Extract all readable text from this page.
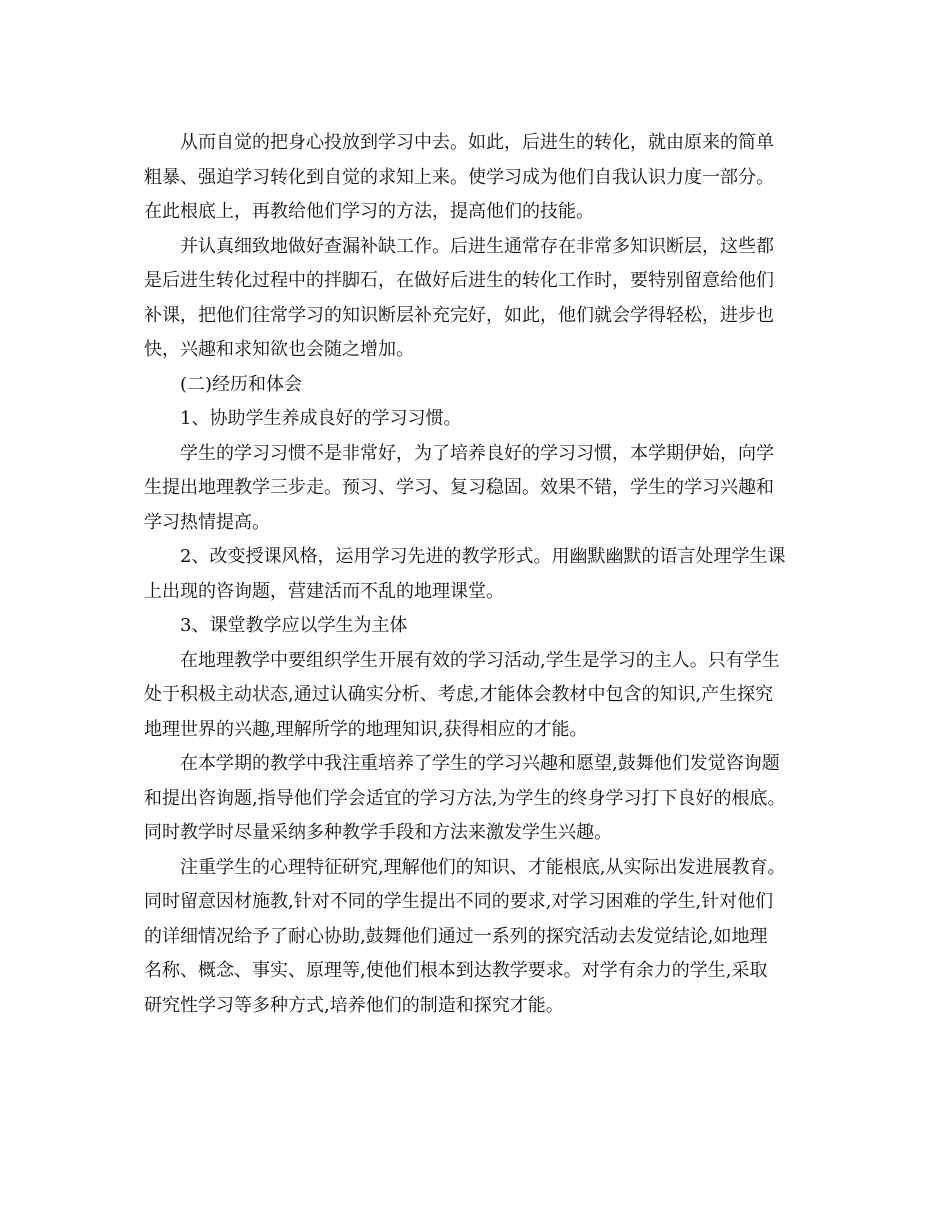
从而自觉的把身心投放到学习中去。如此，后进生的转化，就由原来的简单
粗暴、强迫学习转化到自觉的求知上来。使学习成为他们自我认识力度一部分。
在此根底上，再教给他们学习的方法，提高他们的技能。

并认真细致地做好查漏补缺工作。后进生通常存在非常多知识断层，这些都
是后进生转化过程中的拌脚石，在做好后进生的转化工作时，要特别留意给他们
补课，把他们往常学习的知识断层补充完好，如此，他们就会学得轻松，进步也
快，兴趣和求知欲也会随之增加。

(二)经历和体会

1、协助学生养成良好的学习习惯。

学生的学习习惯不是非常好，为了培养良好的学习习惯，本学期伊始，向学
生提出地理教学三步走。预习、学习、复习稳固。效果不错，学生的学习兴趣和
学习热情提高。

2、改变授课风格，运用学习先进的教学形式。用幽默幽默的语言处理学生课
上出现的咨询题，营建活而不乱的地理课堂。

3、课堂教学应以学生为主体

在地理教学中要组织学生开展有效的学习活动,学生是学习的主人。只有学生
处于积极主动状态,通过认确实分析、考虑,才能体会教材中包含的知识,产生探究
地理世界的兴趣,理解所学的地理知识,获得相应的才能。

在本学期的教学中我注重培养了学生的学习兴趣和愿望,鼓舞他们发觉咨询题
和提出咨询题,指导他们学会适宜的学习方法,为学生的终身学习打下良好的根底。
同时教学时尽量采纳多种教学手段和方法来激发学生兴趣。

注重学生的心理特征研究,理解他们的知识、才能根底,从实际出发进展教育。
同时留意因材施教,针对不同的学生提出不同的要求,对学习困难的学生,针对他们
的详细情况给予了耐心协助,鼓舞他们通过一系列的探究活动去发觉结论,如地理
名称、概念、事实、原理等,使他们根本到达教学要求。对学有余力的学生,采取
研究性学习等多种方式,培养他们的制造和探究才能。
